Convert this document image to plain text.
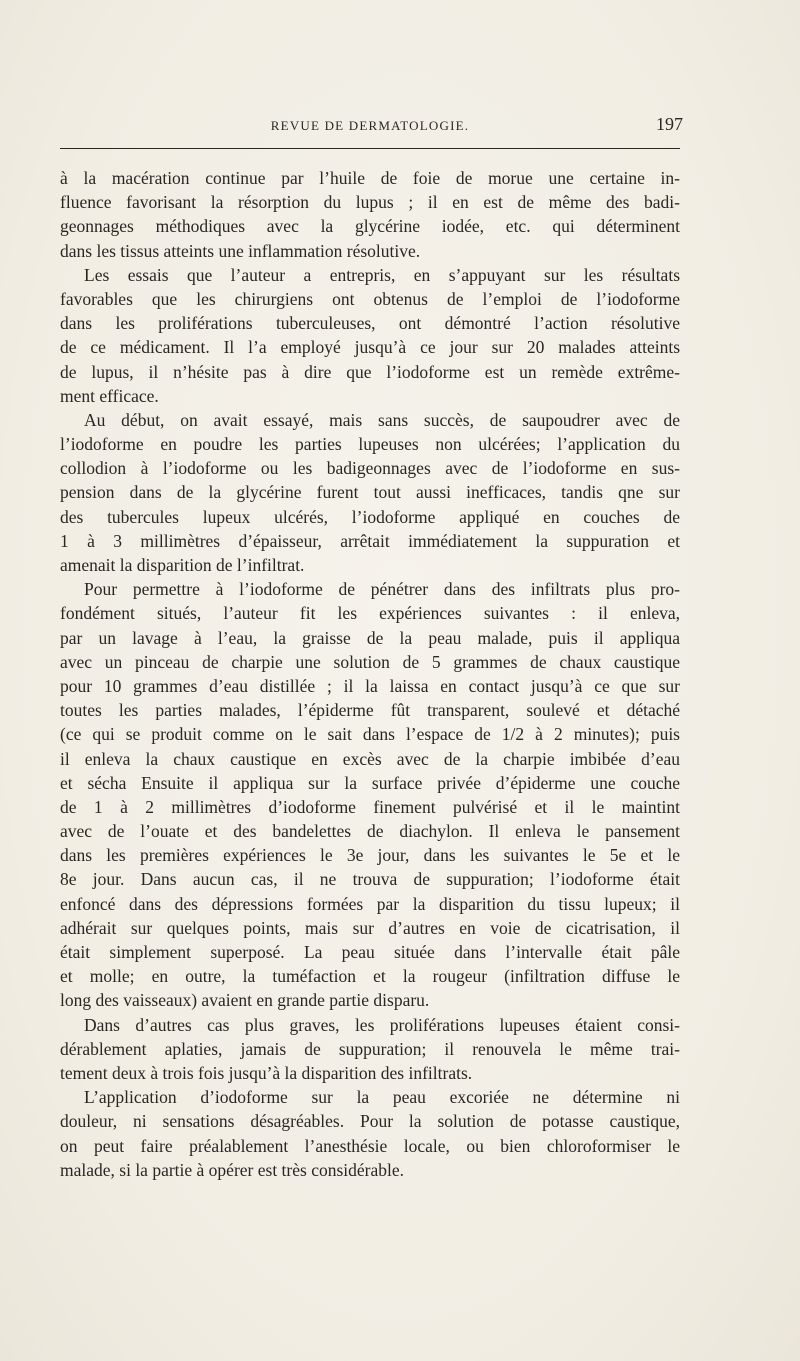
REVUE DE DERMATOLOGIE.	197
à la macération continue par l’huile de foie de morue une certaine in-
fluence favorisant la résorption du lupus ; il en est de même des badi-
geonnages méthodiques avec la glycérine iodée, etc. qui déterminent
dans les tissus atteints une inflammation résolutive.
Les essais que l’auteur a entrepris, en s’appuyant sur les résultats
favorables que les chirurgiens ont obtenus de l’emploi de l’iodoforme
dans les proliférations tuberculeuses, ont démontré l’action résolutive
de ce médicament. Il l’a employé jusqu’à ce jour sur 20 malades atteints
de lupus, il n’hésite pas à dire que l’iodoforme est un remède extrême-
ment efficace.
Au début, on avait essayé, mais sans succès, de saupoudrer avec de
l’iodoforme en poudre les parties lupeuses non ulcérées; l’application du
collodion à l’iodoforme ou les badigeonnages avec de l’iodoforme en sus-
pension dans de la glycérine furent tout aussi inefficaces, tandis qne sur
des tubercules lupeux ulcérés, l’iodoforme appliqué en couches de
1 à 3 millimètres d’épaisseur, arrêtait immédiatement la suppuration et
amenait la disparition de l’infiltrat.
Pour permettre à l’iodoforme de pénétrer dans des infiltrats plus pro-
fondément situés, l’auteur fit les expériences suivantes : il enleva,
par un lavage à l’eau, la graisse de la peau malade, puis il appliqua
avec un pinceau de charpie une solution de 5 grammes de chaux caustique
pour 10 grammes d’eau distillée ; il la laissa en contact jusqu’à ce que sur
toutes les parties malades, l’épiderme fût transparent, soulevé et détaché
(ce qui se produit comme on le sait dans l’espace de 1/2 à 2 minutes); puis
il enleva la chaux caustique en excès avec de la charpie imbibée d’eau
et sécha Ensuite il appliqua sur la surface privée d’épiderme une couche
de 1 à 2 millimètres d’iodoforme finement pulvérisé et il le maintint
avec de l’ouate et des bandelettes de diachylon. Il enleva le pansement
dans les premières expériences le 3e jour, dans les suivantes le 5e et le
8e jour. Dans aucun cas, il ne trouva de suppuration; l’iodoforme était
enfoncé dans des dépressions formées par la disparition du tissu lupeux; il
adhérait sur quelques points, mais sur d’autres en voie de cicatrisation, il
était simplement superposé. La peau située dans l’intervalle était pâle
et molle; en outre, la tuméfaction et la rougeur (infiltration diffuse le
long des vaisseaux) avaient en grande partie disparu.
Dans d’autres cas plus graves, les proliférations lupeuses étaient consi-
dérablement aplaties, jamais de suppuration; il renouvela le même trai-
tement deux à trois fois jusqu’à la disparition des infiltrats.
L’application d’iodoforme sur la peau excoriée ne détermine ni
douleur, ni sensations désagréables. Pour la solution de potasse caustique,
on peut faire préalablement l’anesthésie locale, ou bien chloroformiser le
malade, si la partie à opérer est très considérable.
